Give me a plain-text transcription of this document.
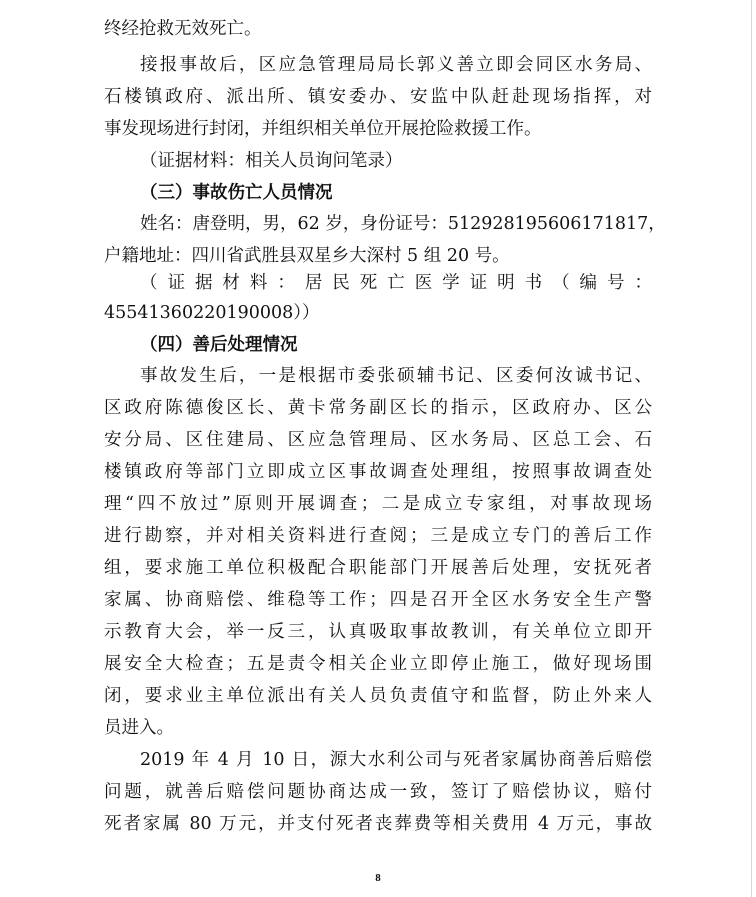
终经抢救无效死亡。
接报事故后，区应急管理局局长郭义善立即会同区水务局、
石楼镇政府、派出所、镇安委办、安监中队赶赴现场指挥，对
事发现场进行封闭，并组织相关单位开展抢险救援工作。
（证据材料：相关人员询问笔录）
（三）事故伤亡人员情况
姓名：唐登明，男，62 岁，身份证号：512928195606171817，
户籍地址：四川省武胜县双星乡大深村 5 组 20 号。
（ 证 据 材 料 ： 居 民 死 亡 医 学 证 明 书 （ 编 号 ：
455413602201900​08））
（四）善后处理情况
事故发生后，一是根据市委张硕辅书记、区委何汝诚书记、
区政府陈德俊区长、黄卡常务副区长的指示，区政府办、区公
安分局、区住建局、区应急管理局、区水务局、区总工会、石
楼镇政府等部门立即成立区事故调查处理组，按照事故调查处
理“四不放过”原则开展调查；二是成立专家组，对事故现场
进行勘察，并对相关资料进行查阅；三是成立专门的善后工作
组，要求施工单位积极配合职能部门开展善后处理，安抚死者
家属、协商赔偿、维稳等工作；四是召开全区水务安全生产警
示教育大会，举一反三，认真吸取事故教训，有关单位立即开
展安全大检查；五是责令相关企业立即停止施工，做好现场围
闭，要求业主单位派出有关人员负责值守和监督，防止外来人
员进入。
2019 年 4 月 10 日，源大水利公司与死者家属协商善后赔偿
问题，就善后赔偿问题协商达成一致，签订了赔偿协议，赔付
死者家属 80 万元，并支付死者丧葬费等相关费用 4 万元，事故
8
